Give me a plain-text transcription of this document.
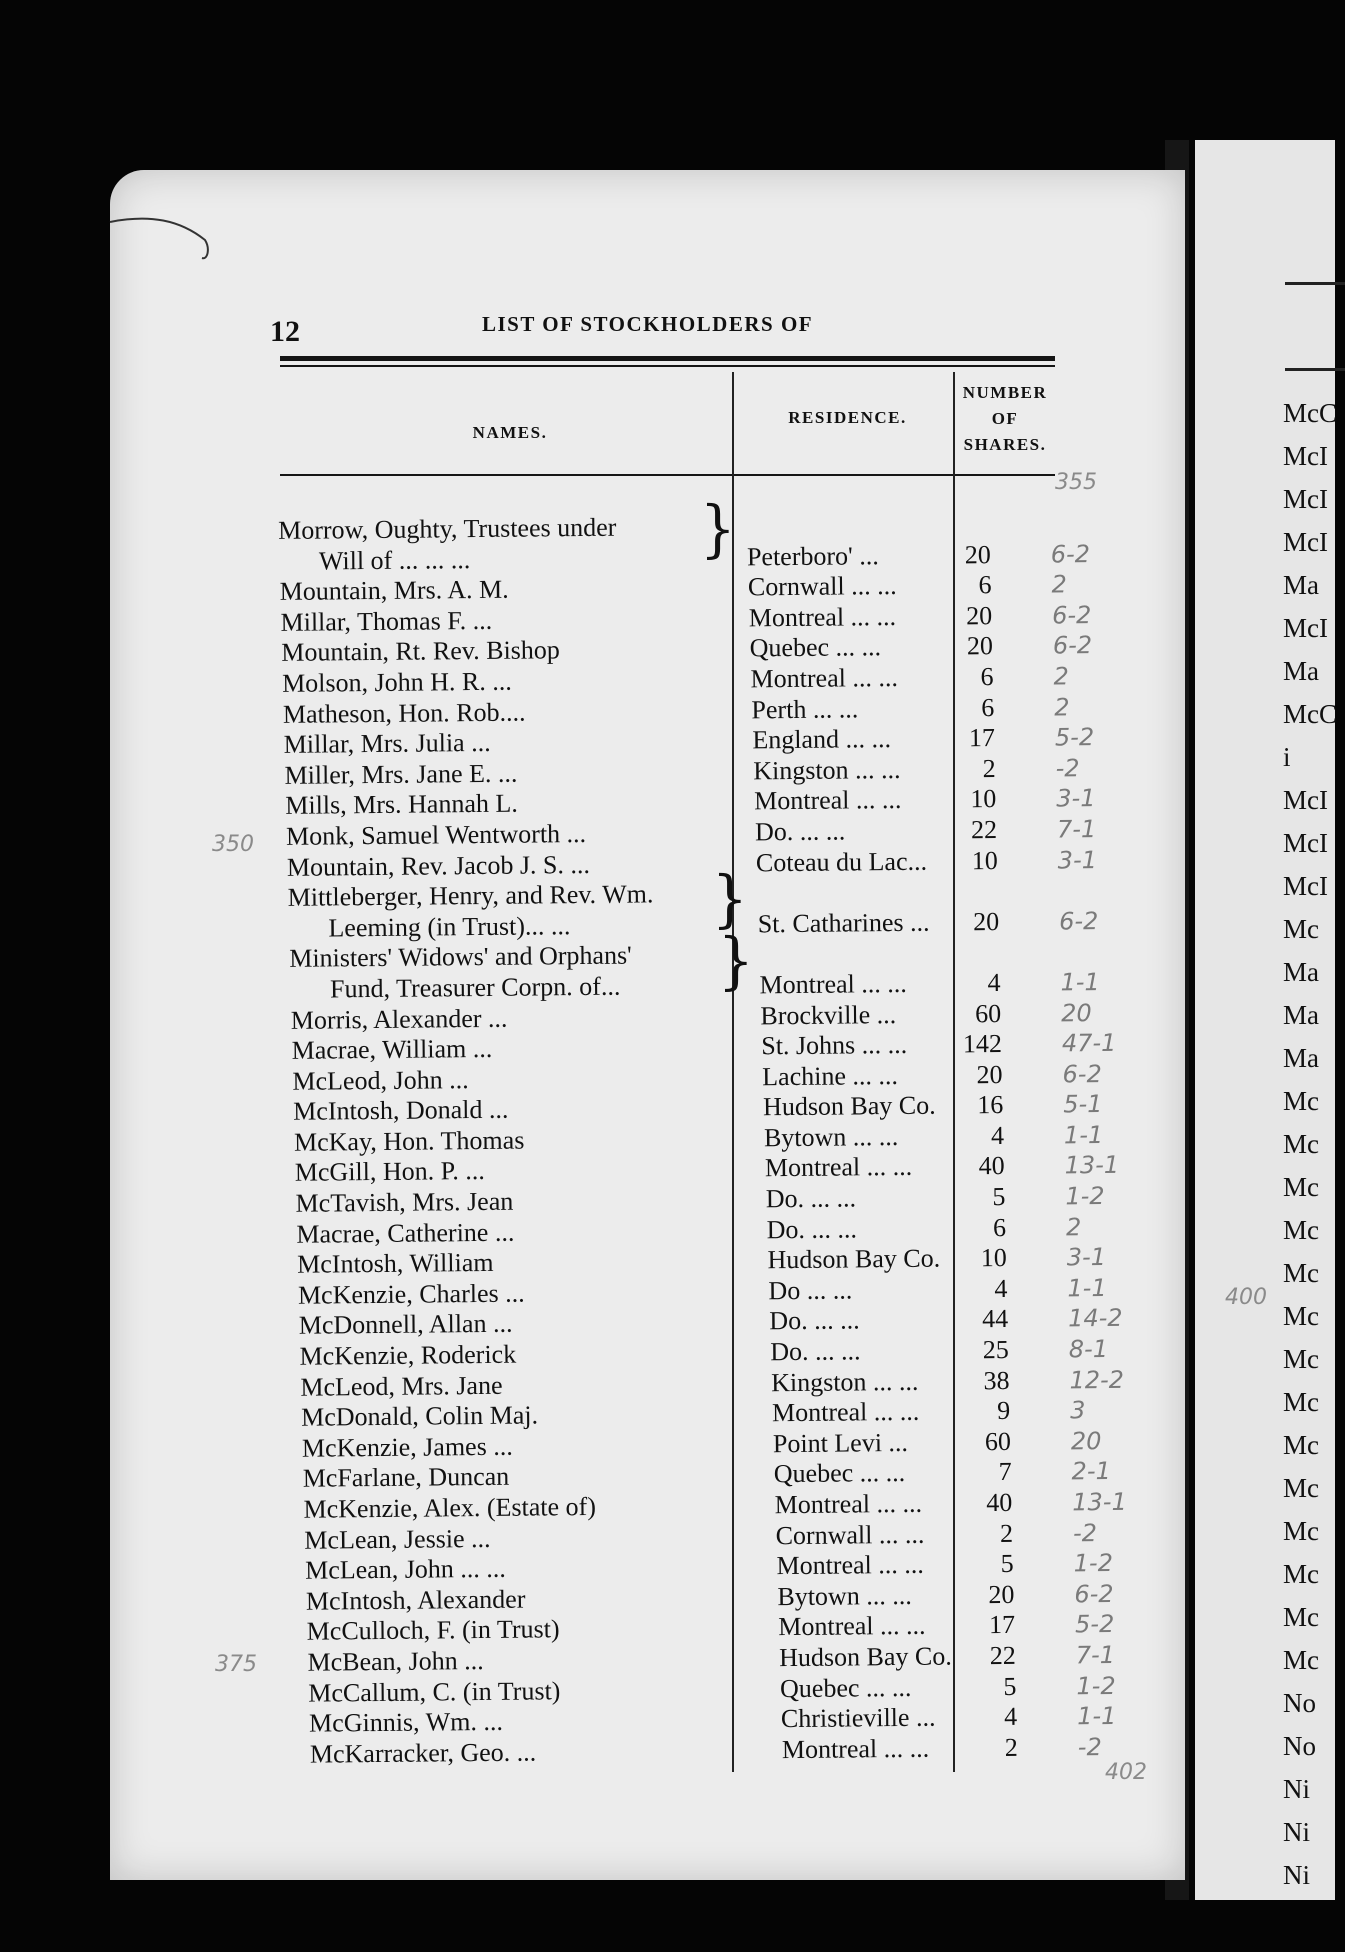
McC
McI
McI
McI
Ma
McI
Ma
McC
i
McI
McI
McI
Mc
Ma
Ma
Ma
Mc
Mc
Mc
Mc
Mc
Mc
Mc
Mc
Mc
Mc
Mc
Mc
Mc
Mc
No
No
Ni
Ni
Ni
12	LIST OF STOCKHOLDERS OF
NAMES.
RESIDENCE.
NUMBER
OF
SHARES.
355
402
350
375
400
Morrow, Oughty, Trustees under
Will of ... ... ...	Peterboro' ...	20 6-2
Mountain, Mrs. A. M.	Cornwall ... ...	6 2
Millar, Thomas F. ...	Montreal ... ...	20 6-2
Mountain, Rt. Rev. Bishop	Quebec ... ...	20 6-2
Molson, John H. R. ...	Montreal ... ...	6 2
Matheson, Hon. Rob....	Perth ... ...	6 2
Millar, Mrs. Julia ...	England ... ...	17 5-2
Miller, Mrs. Jane E. ...	Kingston ... ...	2 -2
Mills, Mrs. Hannah L.	Montreal ... ...	10 3-1
Monk, Samuel Wentworth ...	Do. ... ...	22 7-1
Mountain, Rev. Jacob J. S. ...	Coteau du Lac...	10 3-1
Mittleberger, Henry, and Rev. Wm.
Leeming (in Trust)... ...	St. Catharines ...	20 6-2
Ministers' Widows' and Orphans'
Fund, Treasurer Corpn. of...	Montreal ... ...	4 1-1
Morris, Alexander ...	Brockville ...	60 20
Macrae, William ...	St. Johns ... ...	142 47-1
McLeod, John ...	Lachine ... ...	20 6-2
McIntosh, Donald ...	Hudson Bay Co.	16 5-1
McKay, Hon. Thomas	Bytown ... ...	4 1-1
McGill, Hon. P. ...	Montreal ... ...	40 13-1
McTavish, Mrs. Jean	Do. ... ...	5 1-2
Macrae, Catherine ...	Do. ... ...	6 2
McIntosh, William	Hudson Bay Co.	10 3-1
McKenzie, Charles ...	Do ... ...	4 1-1
McDonnell, Allan ...	Do. ... ...	44 14-2
McKenzie, Roderick	Do. ... ...	25 8-1
McLeod, Mrs. Jane	Kingston ... ...	38 12-2
McDonald, Colin Maj.	Montreal ... ...	9 3
McKenzie, James ...	Point Levi ...	60 20
McFarlane, Duncan	Quebec ... ...	7 2-1
McKenzie, Alex. (Estate of)	Montreal ... ...	40 13-1
McLean, Jessie ...	Cornwall ... ...	2 -2
McLean, John ... ...	Montreal ... ...	5 1-2
McIntosh, Alexander	Bytown ... ...	20 6-2
McCulloch, F. (in Trust)	Montreal ... ...	17 5-2
McBean, John ...	Hudson Bay Co.	22 7-1
McCallum, C. (in Trust)	Quebec ... ...	5 1-2
McGinnis, Wm. ...	Christieville ...	4 1-1
McKarracker, Geo. ...	Montreal ... ...	2 -2
}
}
}
